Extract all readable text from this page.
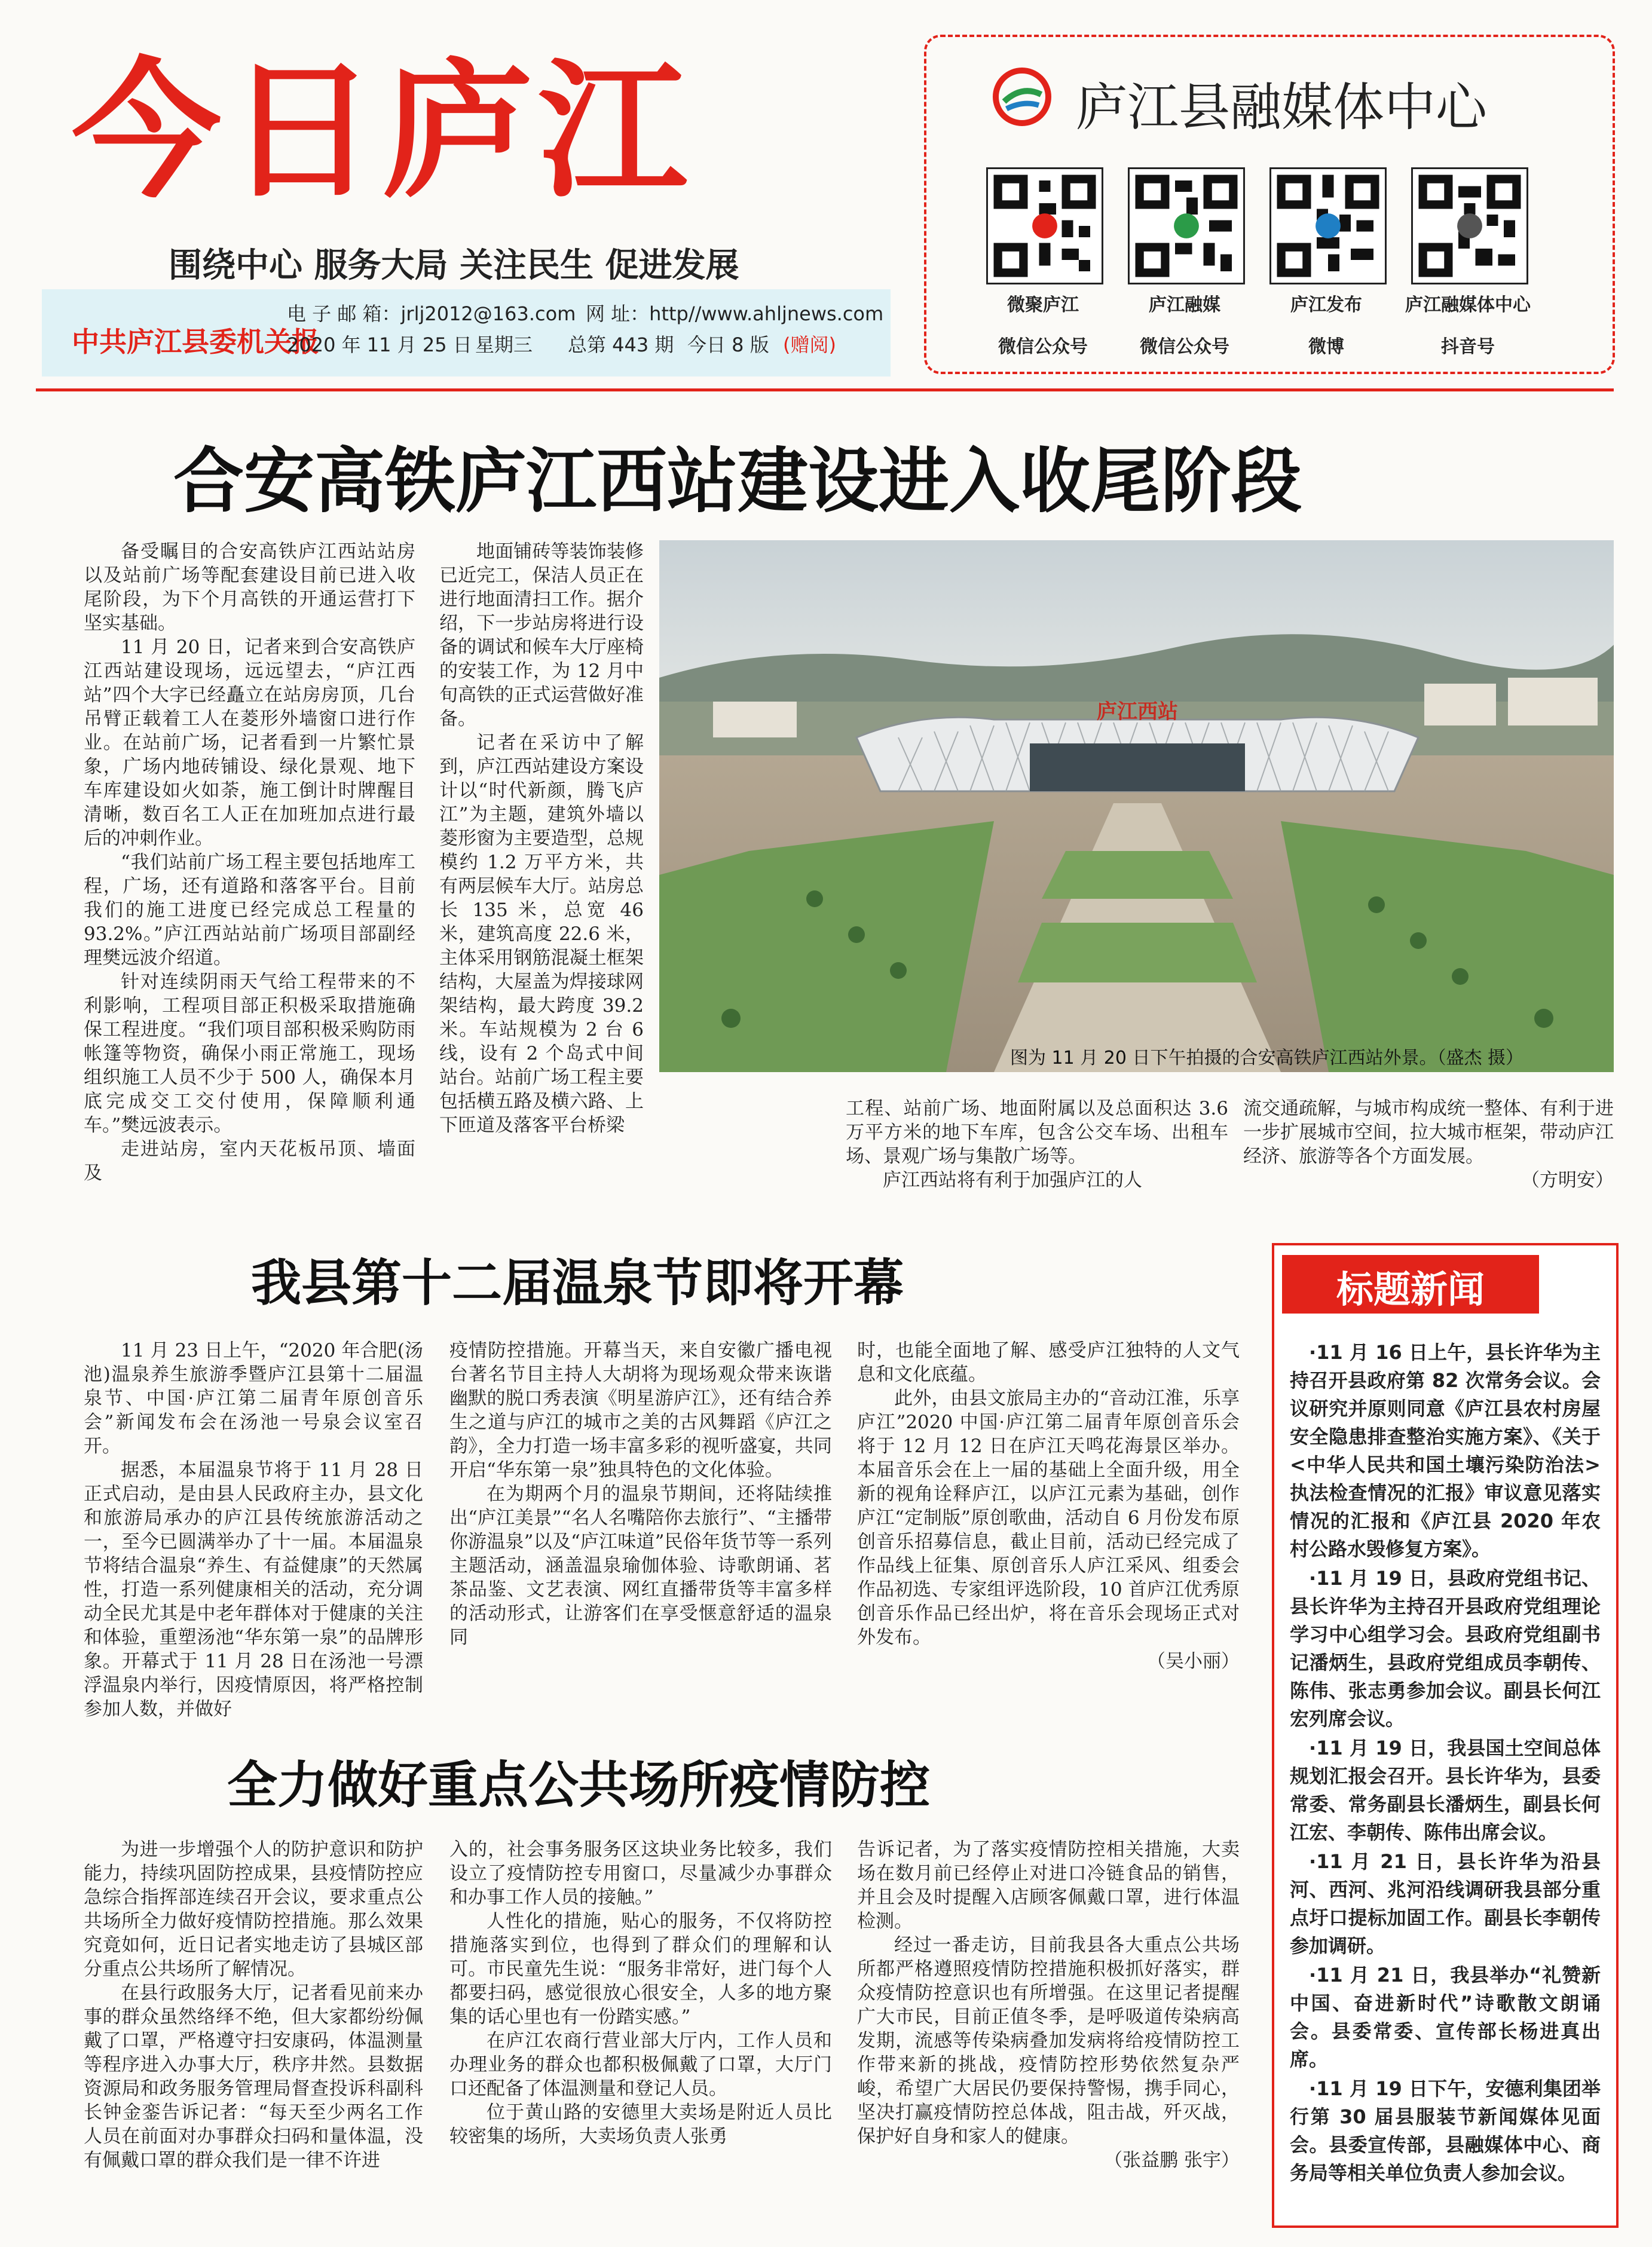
今日庐江
围绕中心 服务大局 关注民生 促进发展
中共庐江县委机关报
电 子 邮 箱：jrlj2012@163.com 网 址：http//www.ahljnews.com
2020 年 11 月 25 日 星期三 总第 443 期 今日 8 版 (赠阅)
庐江县融媒体中心
微聚庐江	庐江融媒	庐江发布	庐江融媒体中心
微信公众号	微信公众号	微博	抖音号
合安高铁庐江西站建设进入收尾阶段

备受瞩目的合安高铁庐江西站站房以及站前广场等配套建设目前已进入收尾阶段，为下个月高铁的开通运营打下坚实基础。

11 月 20 日，记者来到合安高铁庐江西站建设现场，远远望去，“庐江西站”四个大字已经矗立在站房房顶，几台吊臂正载着工人在菱形外墙窗口进行作业。在站前广场，记者看到一片繁忙景象，广场内地砖铺设、绿化景观、地下车库建设如火如荼，施工倒计时牌醒目清晰，数百名工人正在加班加点进行最后的冲刺作业。

“我们站前广场工程主要包括地库工程，广场，还有道路和落客平台。目前我们的施工进度已经完成总工程量的 93.2%。”庐江西站站前广场项目部副经理樊远波介绍道。

针对连续阴雨天气给工程带来的不利影响，工程项目部正积极采取措施确保工程进度。“我们项目部积极采购防雨帐篷等物资，确保小雨正常施工，现场组织施工人员不少于 500 人，确保本月底完成交工交付使用，保障顺利通车。”樊远波表示。

走进站房，室内天花板吊顶、墙面及

地面铺砖等装饰装修已近完工，保洁人员正在进行地面清扫工作。据介绍，下一步站房将进行设备的调试和候车大厅座椅的安装工作，为 12 月中旬高铁的正式运营做好准备。

记者在采访中了解到，庐江西站建设方案设计以“时代新颜，腾飞庐江”为主题，建筑外墙以菱形窗为主要造型，总规模约 1.2 万平方米，共有两层候车大厅。站房总长 135 米，总宽 46 米，建筑高度 22.6 米，主体采用钢筋混凝土框架结构，大屋盖为焊接球网架结构，最大跨度 39.2 米。车站规模为 2 台 6 线，设有 2 个岛式中间站台。站前广场工程主要包括横五路及横六路、上下匝道及落客平台桥梁

庐江西站
图为 11 月 20 日下午拍摄的合安高铁庐江西站外景。（盛杰 摄）

工程、站前广场、地面附属以及总面积达 3.6 万平方米的地下车库，包含公交车场、出租车场、景观广场与集散广场等。

庐江西站将有利于加强庐江的人

流交通疏解，与城市构成统一整体、有利于进一步扩展城市空间，拉大城市框架，带动庐江经济、旅游等各个方面发展。

（方明安）
我县第十二届温泉节即将开幕

11 月 23 日上午，“2020 年合肥(汤池)温泉养生旅游季暨庐江县第十二届温泉节、中国·庐江第二届青年原创音乐会”新闻发布会在汤池一号泉会议室召开。

据悉，本届温泉节将于 11 月 28 日正式启动，是由县人民政府主办，县文化和旅游局承办的庐江县传统旅游活动之一，至今已圆满举办了十一届。本届温泉节将结合温泉“养生、有益健康”的天然属性，打造一系列健康相关的活动，充分调动全民尤其是中老年群体对于健康的关注和体验，重塑汤池“华东第一泉”的品牌形象。开幕式于 11 月 28 日在汤池一号漂浮温泉内举行，因疫情原因，将严格控制参加人数，并做好

疫情防控措施。开幕当天，来自安徽广播电视台著名节目主持人大胡将为现场观众带来诙谐幽默的脱口秀表演《明星游庐江》，还有结合养生之道与庐江的城市之美的古风舞蹈《庐江之韵》，全力打造一场丰富多彩的视听盛宴，共同开启“华东第一泉”独具特色的文化体验。

在为期两个月的温泉节期间，还将陆续推出“庐江美景”“名人名嘴陪你去旅行”、“主播带你游温泉”以及“庐江味道”民俗年货节等一系列主题活动，涵盖温泉瑜伽体验、诗歌朗诵、茗茶品鉴、文艺表演、网红直播带货等丰富多样的活动形式，让游客们在享受惬意舒适的温泉同

时，也能全面地了解、感受庐江独特的人文气息和文化底蕴。

此外，由县文旅局主办的“音动江淮，乐享庐江”2020 中国·庐江第二届青年原创音乐会将于 12 月 12 日在庐江天鸣花海景区举办。本届音乐会在上一届的基础上全面升级，用全新的视角诠释庐江，以庐江元素为基础，创作庐江“定制版”原创歌曲，活动自 6 月份发布原创音乐招募信息，截止目前，活动已经完成了作品线上征集、原创音乐人庐江采风、组委会作品初选、专家组评选阶段，10 首庐江优秀原创音乐作品已经出炉，将在音乐会现场正式对外发布。

（吴小丽）
全力做好重点公共场所疫情防控

为进一步增强个人的防护意识和防护能力，持续巩固防控成果，县疫情防控应急综合指挥部连续召开会议，要求重点公共场所全力做好疫情防控措施。那么效果究竟如何，近日记者实地走访了县城区部分重点公共场所了解情况。

在县行政服务大厅，记者看见前来办事的群众虽然络绎不绝，但大家都纷纷佩戴了口罩，严格遵守扫安康码，体温测量等程序进入办事大厅，秩序井然。县数据资源局和政务服务管理局督查投诉科副科长钟金銮告诉记者：“每天至少两名工作人员在前面对办事群众扫码和量体温，没有佩戴口罩的群众我们是一律不许进

入的，社会事务服务区这块业务比较多，我们设立了疫情防控专用窗口，尽量减少办事群众和办事工作人员的接触。”

人性化的措施，贴心的服务，不仅将防控措施落实到位，也得到了群众们的理解和认可。市民童先生说：“服务非常好，进门每个人都要扫码，感觉很放心很安全，人多的地方聚集的话心里也有一份踏实感。”

在庐江农商行营业部大厅内，工作人员和办理业务的群众也都积极佩戴了口罩，大厅门口还配备了体温测量和登记人员。

位于黄山路的安德里大卖场是附近人员比较密集的场所，大卖场负责人张勇

告诉记者，为了落实疫情防控相关措施，大卖场在数月前已经停止对进口冷链食品的销售，并且会及时提醒入店顾客佩戴口罩，进行体温检测。

经过一番走访，目前我县各大重点公共场所都严格遵照疫情防控措施积极抓好落实，群众疫情防控意识也有所增强。在这里记者提醒广大市民，目前正值冬季，是呼吸道传染病高发期，流感等传染病叠加发病将给疫情防控工作带来新的挑战，疫情防控形势依然复杂严峻，希望广大居民仍要保持警惕，携手同心，坚决打赢疫情防控总体战，阻击战，歼灭战，保护好自身和家人的健康。

（张益鹏 张宇）
标题新闻

·11 月 16 日上午，县长许华为主持召开县政府第 82 次常务会议。会议研究并原则同意《庐江县农村房屋安全隐患排查整治实施方案》、《关于<中华人民共和国土壤污染防治法>执法检查情况的汇报》审议意见落实情况的汇报和《庐江县 2020 年农村公路水毁修复方案》。

·11 月 19 日，县政府党组书记、县长许华为主持召开县政府党组理论学习中心组学习会。县政府党组副书记潘炳生，县政府党组成员李朝传、陈伟、张志勇参加会议。副县长何江宏列席会议。

·11 月 19 日，我县国土空间总体规划汇报会召开。县长许华为，县委常委、常务副县长潘炳生，副县长何江宏、李朝传、陈伟出席会议。

·11 月 21 日，县长许华为沿县河、西河、兆河沿线调研我县部分重点圩口提标加固工作。副县长李朝传参加调研。

·11 月 21 日，我县举办“礼赞新中国、奋进新时代”诗歌散文朗诵会。县委常委、宣传部长杨进真出席。

·11 月 19 日下午，安德利集团举行第 30 届县服装节新闻媒体见面会。县委宣传部，县融媒体中心、商务局等相关单位负责人参加会议。
